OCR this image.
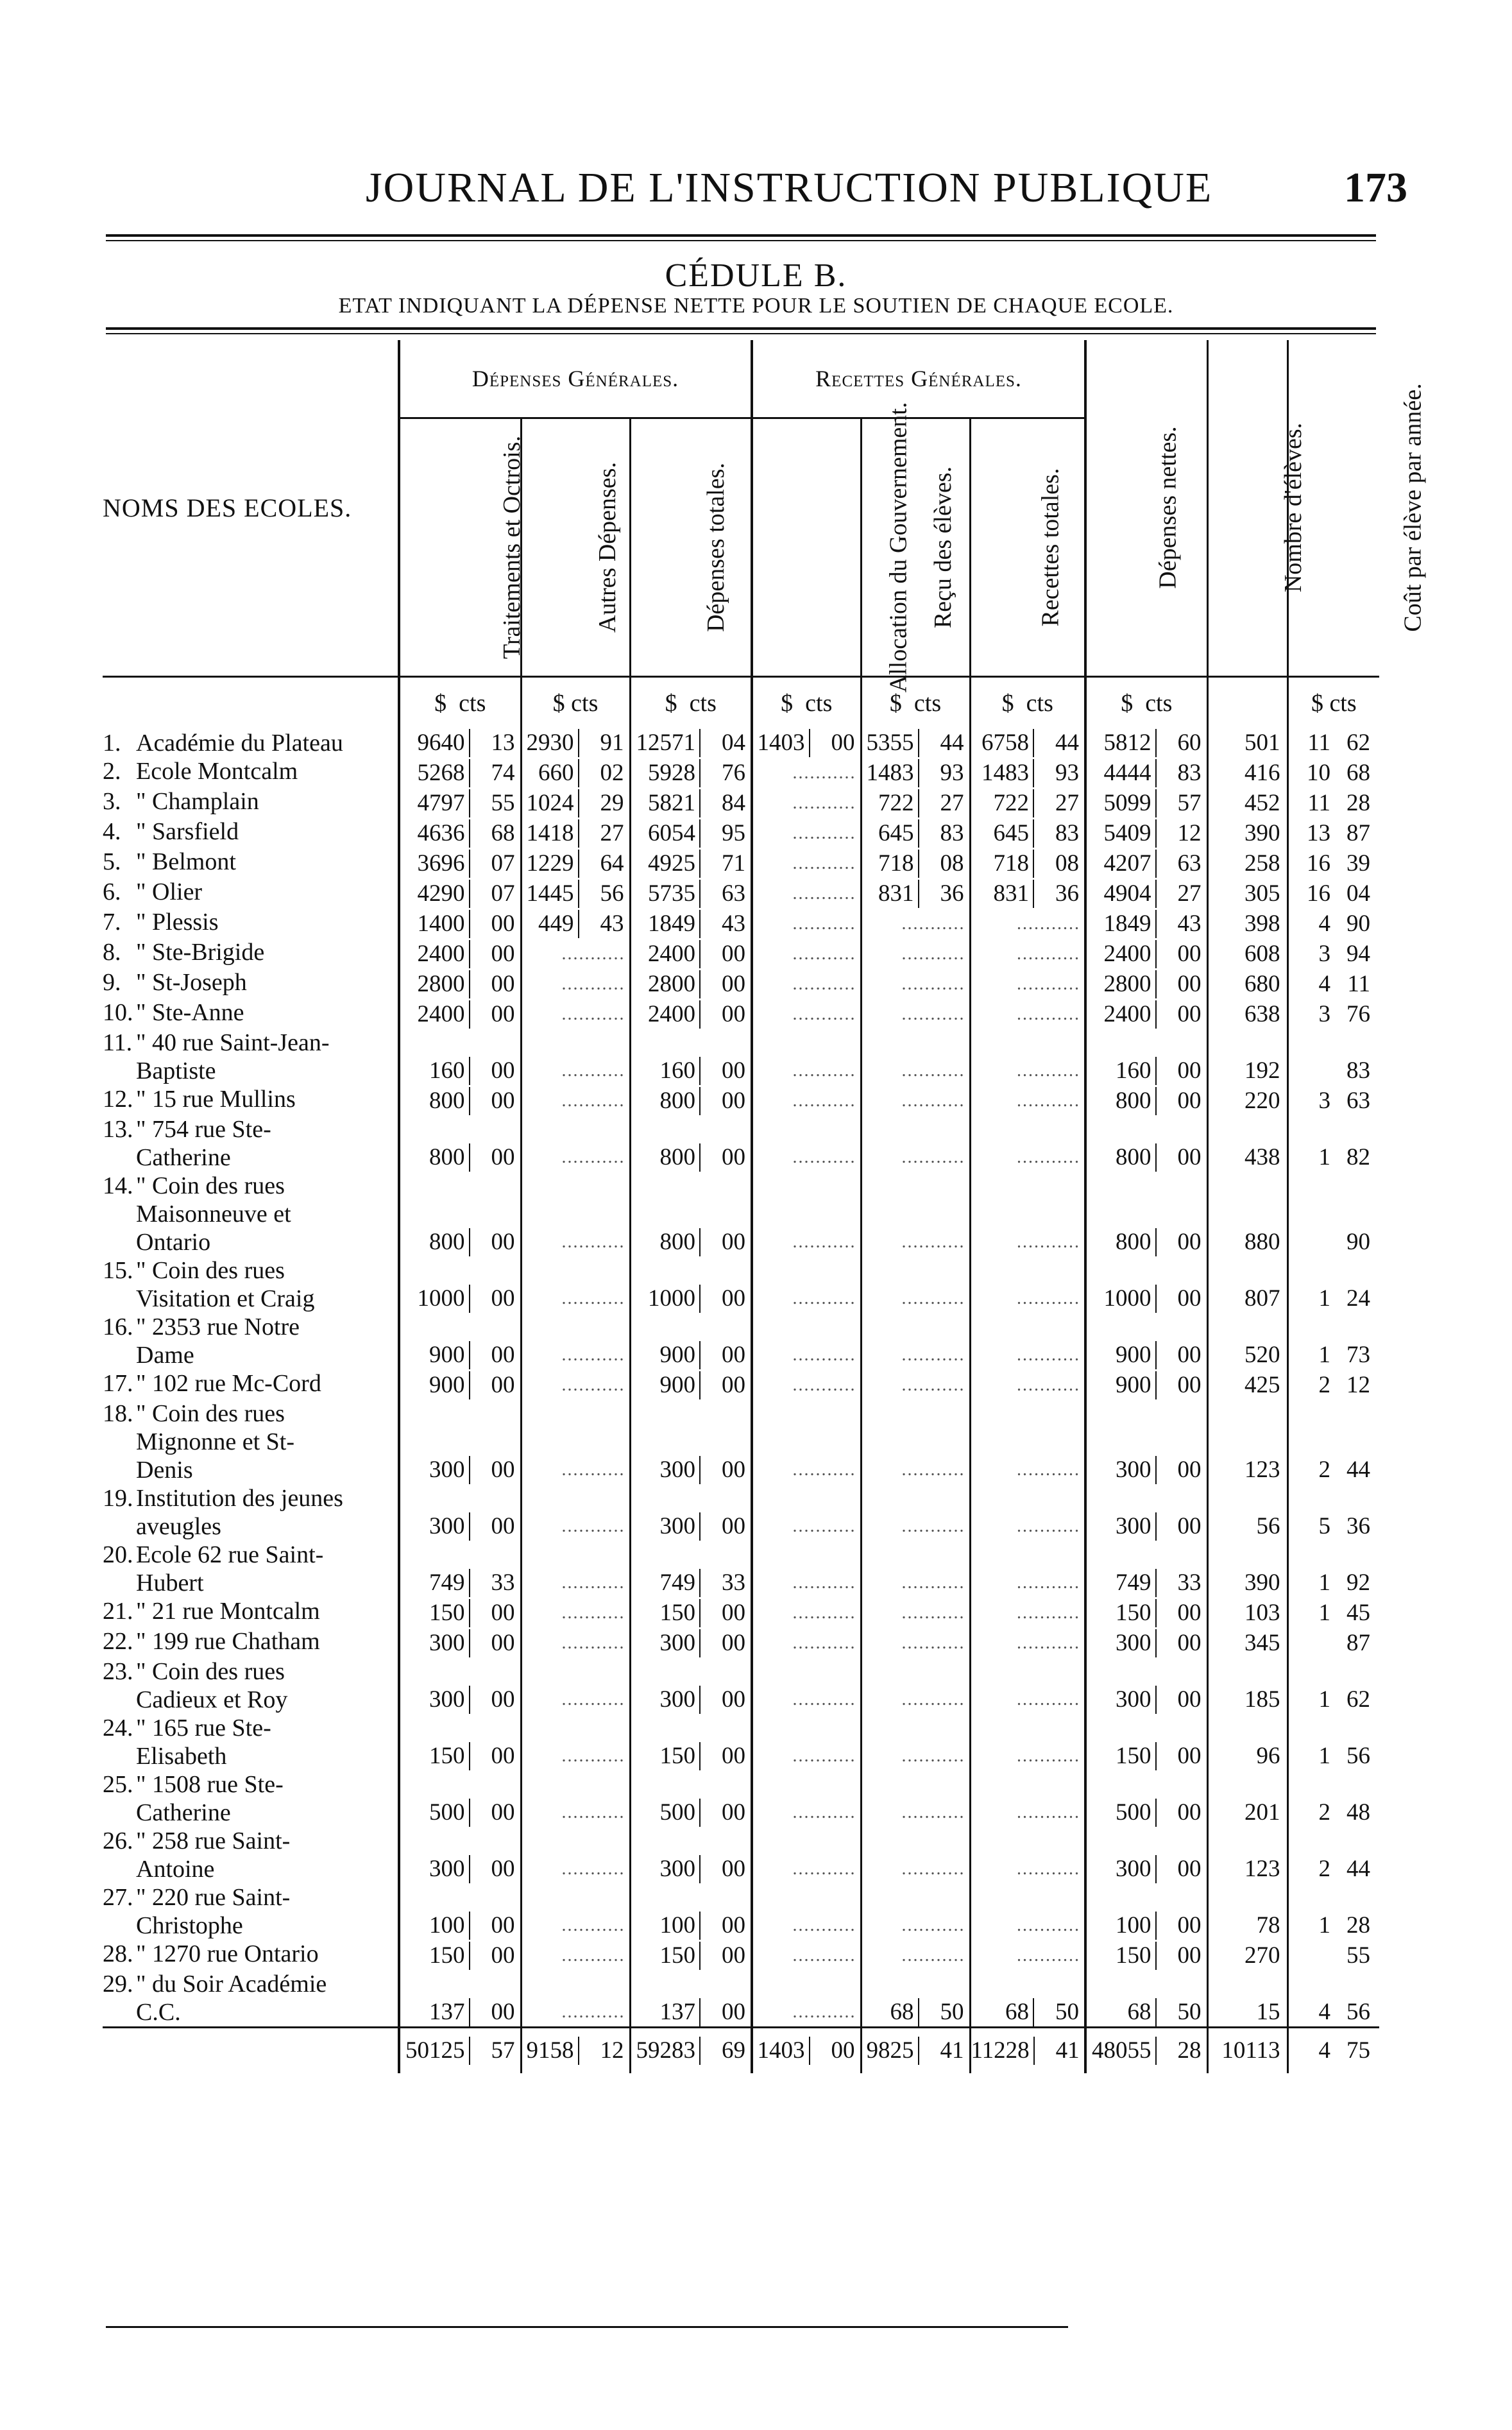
JOURNAL DE L'INSTRUCTION PUBLIQUE	173
CÉDULE B.
ETAT INDIQUANT LA DÉPENSE NETTE POUR LE SOUTIEN DE CHAQUE ECOLE.
NOMS DES ECOLES.	Dépenses Générales.			Recettes Générales.			Dépenses nettes.	Nombre d'élèves.	Coût par élève par année.
	Traitements et Octrois.	Autres Dépenses.	Dépenses totales.	Allocation du Gouvernement.	Reçu des élèves.	Recettes totales.			
	$ cts	$ cts	$ cts	$ cts	$ cts	$ cts	$ cts		$ cts
1. Académie du Plateau	9640 13	2930 91	12571 04	1403 00	5355 44	6758 44	5812 60	501	11 62
2. Ecole Montcalm	5268 74	660 02	5928 76	...........	1483 93	1483 93	4444 83	416	10 68
3. " Champlain	4797 55	1024 29	5821 84	...........	722 27	722 27	5099 57	452	11 28
4. " Sarsfield	4636 68	1418 27	6054 95	...........	645 83	645 83	5409 12	390	13 87
5. " Belmont	3696 07	1229 64	4925 71	...........	718 08	718 08	4207 63	258	16 39
6. " Olier	4290 07	1445 56	5735 63	...........	831 36	831 36	4904 27	305	16 04
7. " Plessis	1400 00	449 43	1849 43	...........	...........	...........	1849 43	398	4 90
8. " Ste-Brigide	2400 00	...........	2400 00	...........	...........	...........	2400 00	608	3 94
9. " St-Joseph	2800 00	...........	2800 00	...........	...........	...........	2800 00	680	4 11
10. " Ste-Anne	2400 00	...........	2400 00	...........	...........	...........	2400 00	638	3 76
11. " 40 rue Saint-Jean-Baptiste	160 00	...........	160 00	...........	...........	...........	160 00	192	83
12. " 15 rue Mullins	800 00	...........	800 00	...........	...........	...........	800 00	220	3 63
13. " 754 rue Ste-Catherine	800 00	...........	800 00	...........	...........	...........	800 00	438	1 82
14. " Coin des rues Maisonneuve et Ontario	800 00	...........	800 00	...........	...........	...........	800 00	880	90
15. " Coin des rues Visitation et Craig	1000 00	...........	1000 00	...........	...........	...........	1000 00	807	1 24
16. " 2353 rue Notre Dame	900 00	...........	900 00	...........	...........	...........	900 00	520	1 73
17. " 102 rue Mc-Cord	900 00	...........	900 00	...........	...........	...........	900 00	425	2 12
18. " Coin des rues Mignonne et St-Denis	300 00	...........	300 00	...........	...........	...........	300 00	123	2 44
19. Institution des jeunes aveugles	300 00	...........	300 00	...........	...........	...........	300 00	56	5 36
20. Ecole 62 rue Saint-Hubert	749 33	...........	749 33	...........	...........	...........	749 33	390	1 92
21. " 21 rue Montcalm	150 00	...........	150 00	...........	...........	...........	150 00	103	1 45
22. " 199 rue Chatham	300 00	...........	300 00	...........	...........	...........	300 00	345	87
23. " Coin des rues Cadieux et Roy	300 00	...........	300 00	...........	...........	...........	300 00	185	1 62
24. " 165 rue Ste-Elisabeth	150 00	...........	150 00	...........	...........	...........	150 00	96	1 56
25. " 1508 rue Ste-Catherine	500 00	...........	500 00	...........	...........	...........	500 00	201	2 48
26. " 258 rue Saint-Antoine	300 00	...........	300 00	...........	...........	...........	300 00	123	2 44
27. " 220 rue Saint-Christophe	100 00	...........	100 00	...........	...........	...........	100 00	78	1 28
28. " 1270 rue Ontario	150 00	...........	150 00	...........	...........	...........	150 00	270	55
29. " du Soir Académie C.C.	137 00	...........	137 00	...........	68 50	68 50	68 50	15	4 56
	50125 57	9158 12	59283 69	1403 00	9825 41	11228 41	48055 28	10113	4 75
